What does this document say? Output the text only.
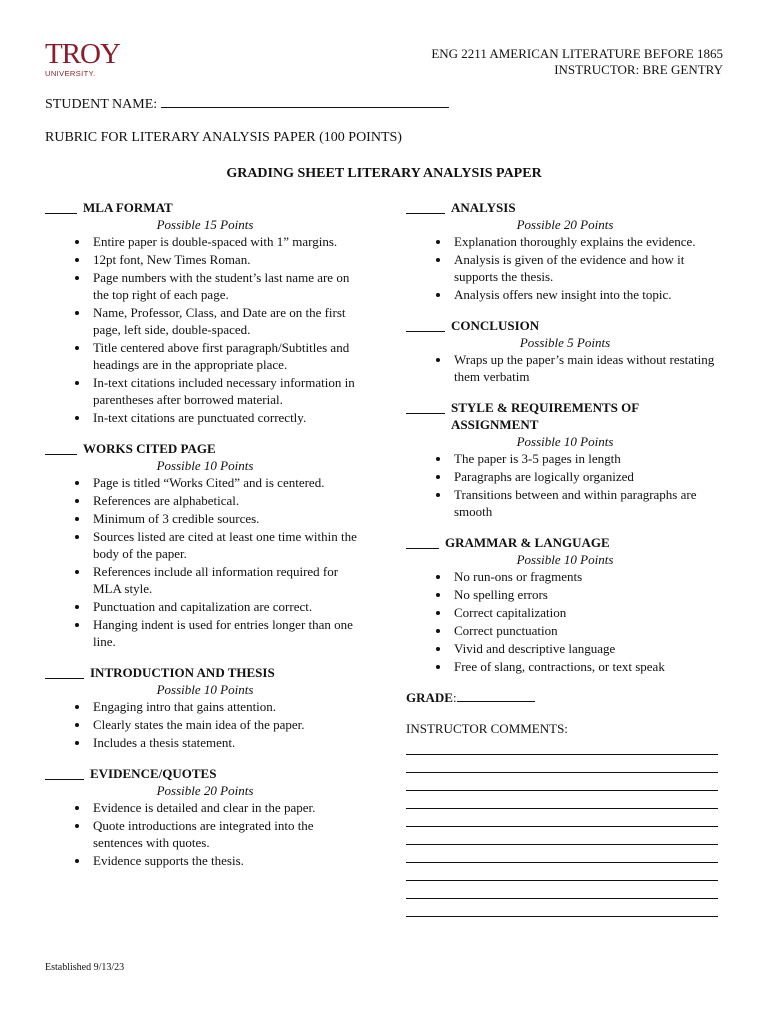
TROY
UNIVERSITY.
ENG 2211 AMERICAN LITERATURE BEFORE 1865
INSTRUCTOR: BRE GENTRY
STUDENT NAME:
RUBRIC FOR LITERARY ANALYSIS PAPER (100 POINTS)
GRADING SHEET LITERARY ANALYSIS PAPER
MLA FORMAT
Possible 15 Points
• Entire paper is double-spaced with 1” margins.
• 12pt font, New Times Roman.
• Page numbers with the student’s last name are on the top right of each page.
• Name, Professor, Class, and Date are on the first page, left side, double-spaced.
• Title centered above first paragraph/Subtitles and headings are in the appropriate place.
• In-text citations included necessary information in parentheses after borrowed material.
• In-text citations are punctuated correctly.
WORKS CITED PAGE
Possible 10 Points
• Page is titled “Works Cited” and is centered.
• References are alphabetical.
• Minimum of 3 credible sources.
• Sources listed are cited at least one time within the body of the paper.
• References include all information required for MLA style.
• Punctuation and capitalization are correct.
• Hanging indent is used for entries longer than one line.
INTRODUCTION AND THESIS
Possible 10 Points
• Engaging intro that gains attention.
• Clearly states the main idea of the paper.
• Includes a thesis statement.
EVIDENCE/QUOTES
Possible 20 Points
• Evidence is detailed and clear in the paper.
• Quote introductions are integrated into the sentences with quotes.
• Evidence supports the thesis.
ANALYSIS
Possible 20 Points
• Explanation thoroughly explains the evidence.
• Analysis is given of the evidence and how it supports the thesis.
• Analysis offers new insight into the topic.
CONCLUSION
Possible 5 Points
• Wraps up the paper’s main ideas without restating them verbatim
STYLE & REQUIREMENTS OF ASSIGNMENT
Possible 10 Points
• The paper is 3-5 pages in length
• Paragraphs are logically organized
• Transitions between and within paragraphs are smooth
GRAMMAR & LANGUAGE
Possible 10 Points
• No run-ons or fragments
• No spelling errors
• Correct capitalization
• Correct punctuation
• Vivid and descriptive language
• Free of slang, contractions, or text speak
GRADE:
INSTRUCTOR COMMENTS:
Established 9/13/23
